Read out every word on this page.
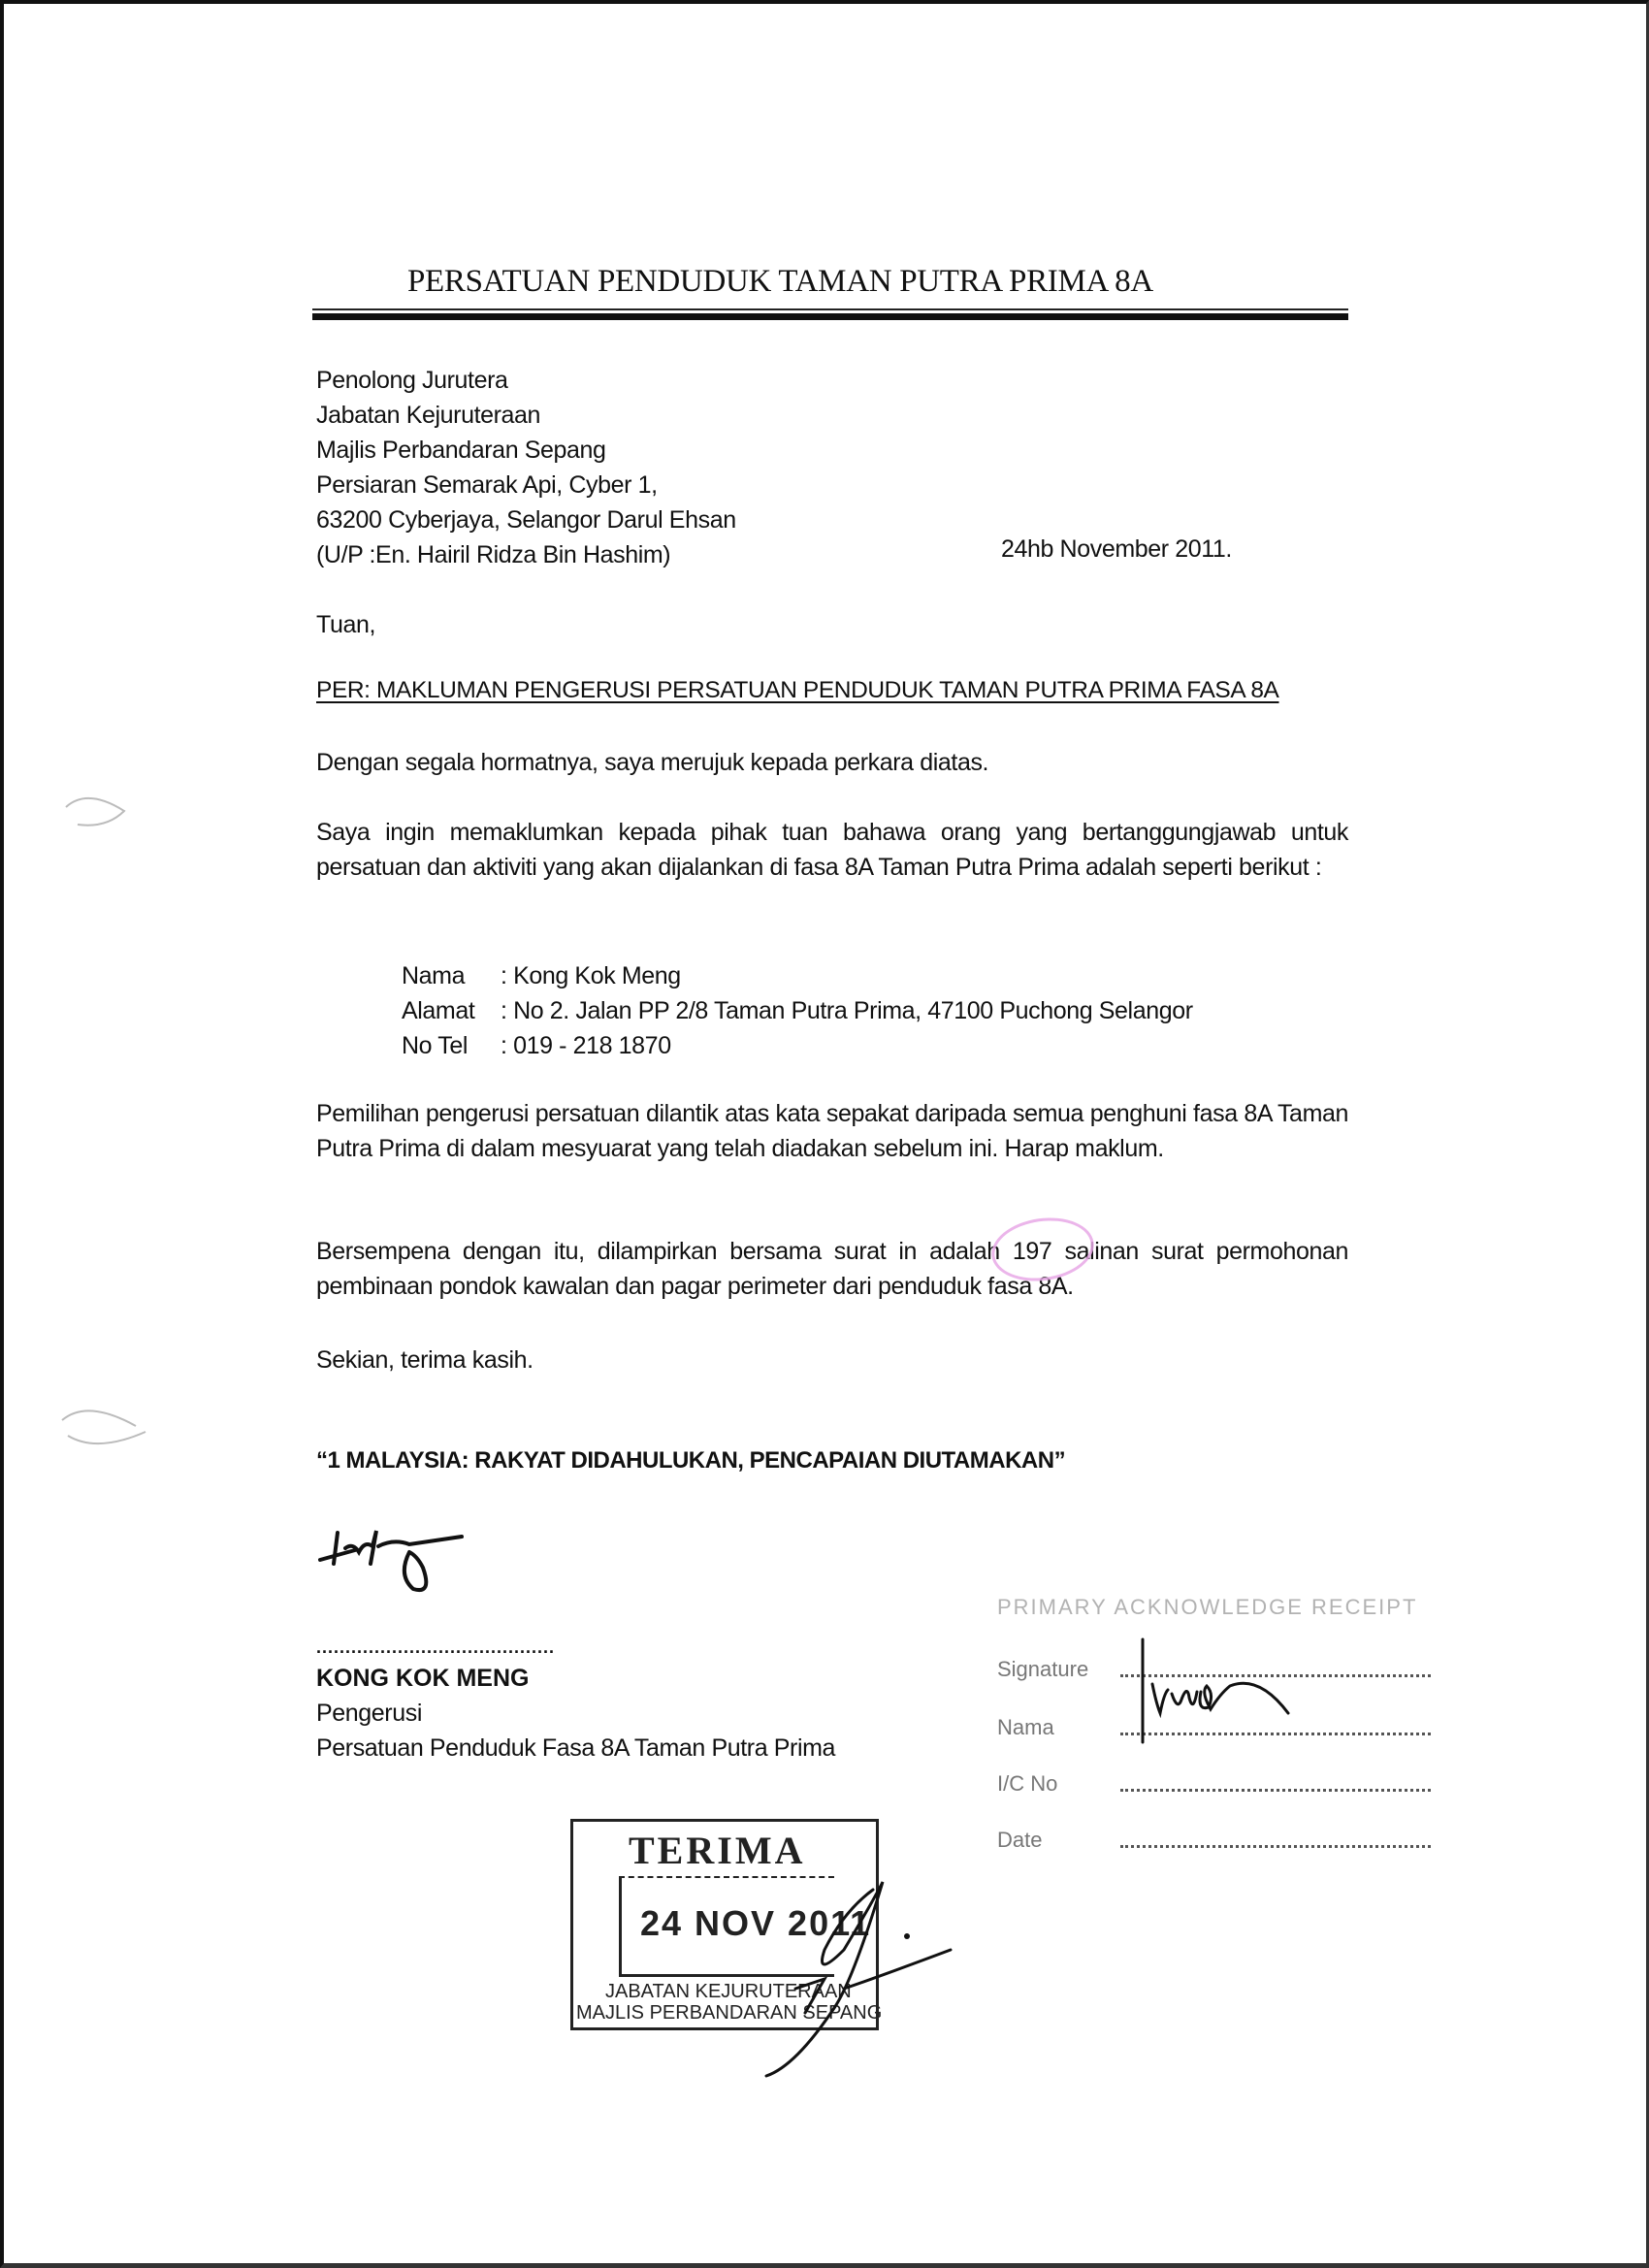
PERSATUAN PENDUDUK TAMAN PUTRA PRIMA 8A
Penolong Jurutera
Jabatan Kejuruteraan
Majlis Perbandaran Sepang
Persiaran Semarak Api, Cyber 1,
63200 Cyberjaya, Selangor Darul Ehsan
(U/P :En. Hairil Ridza Bin Hashim)	24hb November 2011.
Tuan,
PER: MAKLUMAN PENGERUSI PERSATUAN PENDUDUK TAMAN PUTRA PRIMA FASA 8A
Dengan segala hormatnya, saya merujuk kepada perkara diatas.
Saya ingin memaklumkan kepada pihak tuan bahawa orang yang bertanggungjawab untuk persatuan dan aktiviti yang akan dijalankan di fasa 8A Taman Putra Prima adalah seperti berikut :
Nama : Kong Kok Meng
Alamat : No 2. Jalan PP 2/8 Taman Putra Prima, 47100 Puchong Selangor
No Tel : 019 - 218 1870
Pemilihan pengerusi persatuan dilantik atas kata sepakat daripada semua penghuni fasa 8A Taman Putra Prima di dalam mesyuarat yang telah diadakan sebelum ini. Harap maklum.
Bersempena dengan itu, dilampirkan bersama surat in adalah
197 salinan surat permohonan pembinaan pondok kawalan dan pagar perimeter dari penduduk fasa 8A.
Sekian, terima kasih.
“1 MALAYSIA: RAKYAT DIDAHULUKAN, PENCAPAIAN DIUTAMAKAN”
.........................................
KONG KOK MENG
Pengerusi
Persatuan Penduduk Fasa 8A Taman Putra Prima
PRIMARY ACKNOWLEDGE RECEIPT
Signature
Nama
I/C No
Date
TERIMA
24 NOV 2011
JABATAN KEJURUTERAAN
MAJLIS PERBANDARAN SEPANG
